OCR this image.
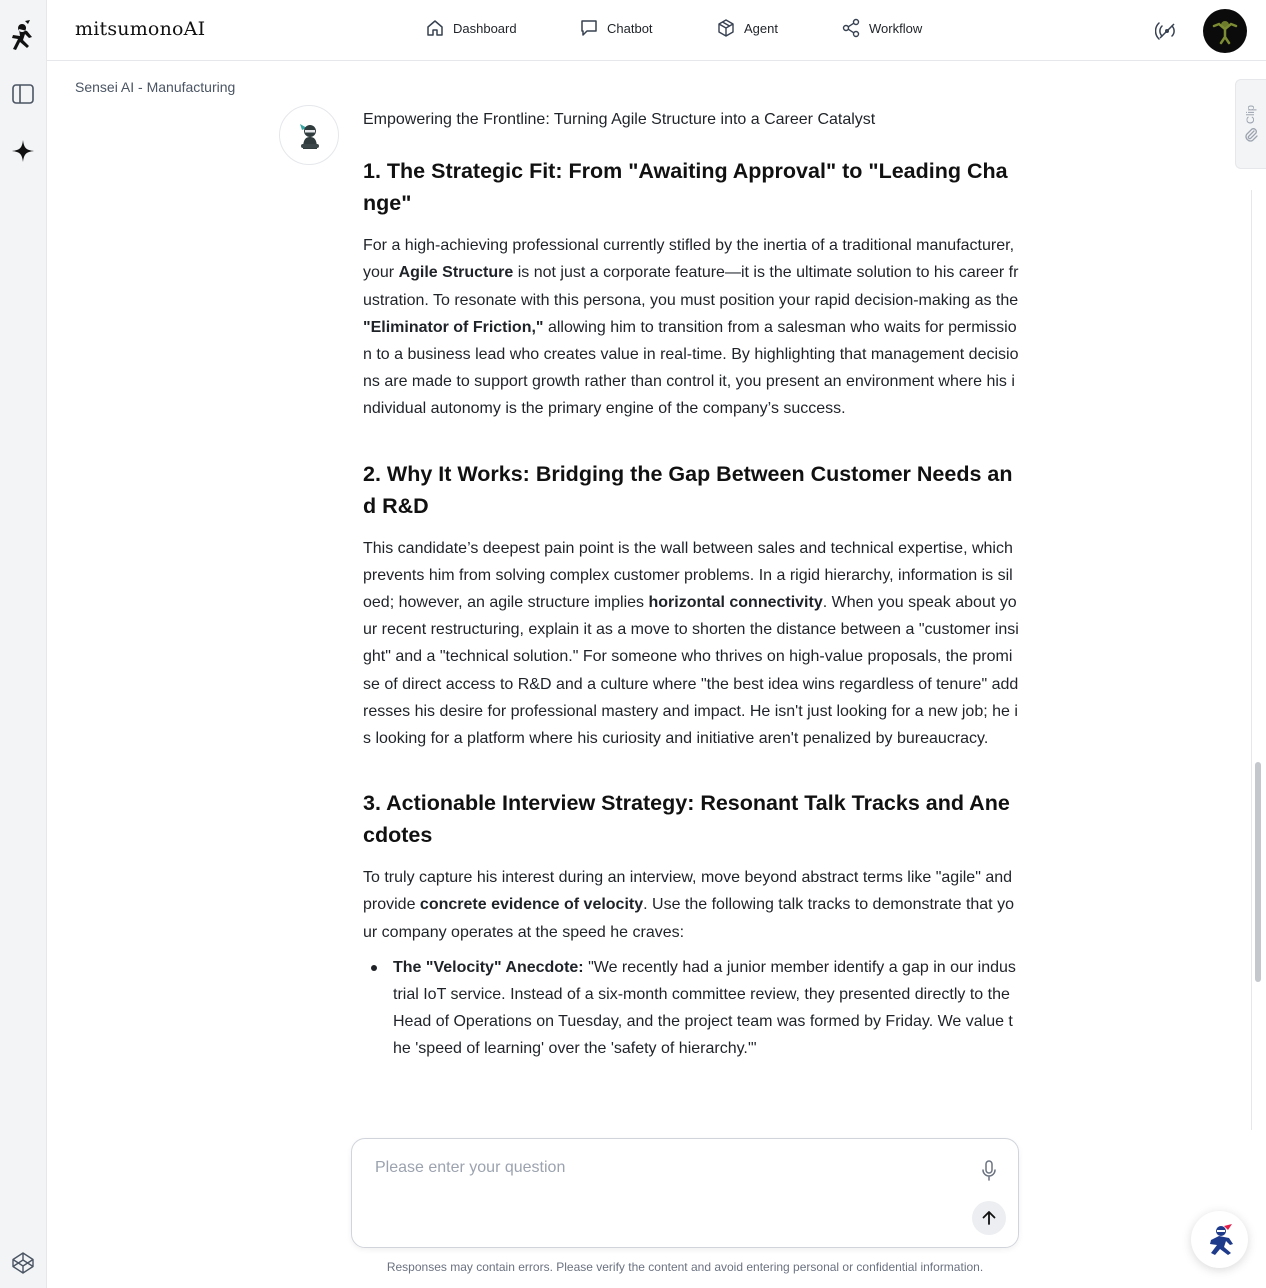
mitsumonoAI	Dashboard	Chatbot	Agent	Workflow
Sensei AI - Manufacturing
Empowering the Frontline: Turning Agile Structure into a Career Catalyst
1. The Strategic Fit: From "Awaiting Approval" to "Leading Change"

For a high-achieving professional currently stifled by the inertia of a traditional manufacturer, your Agile Structure is not just a corporate feature—it is the ultimate solution to his career frustration. To resonate with this persona, you must position your rapid decision-making as the "Eliminator of Friction," allowing him to transition from a salesman who waits for permission to a business lead who creates value in real-time. By highlighting that management decisions are made to support growth rather than control it, you present an environment where his individual autonomy is the primary engine of the company’s success.

2. Why It Works: Bridging the Gap Between Customer Needs and R&D

This candidate’s deepest pain point is the wall between sales and technical expertise, which prevents him from solving complex customer problems. In a rigid hierarchy, information is siloed; however, an agile structure implies horizontal connectivity. When you speak about your recent restructuring, explain it as a move to shorten the distance between a "customer insight" and a "technical solution." For someone who thrives on high-value proposals, the promise of direct access to R&D and a culture where "the best idea wins regardless of tenure" addresses his desire for professional mastery and impact. He isn't just looking for a new job; he is looking for a platform where his curiosity and initiative aren't penalized by bureaucracy.

3. Actionable Interview Strategy: Resonant Talk Tracks and Anecdotes

To truly capture his interest during an interview, move beyond abstract terms like "agile" and provide concrete evidence of velocity. Use the following talk tracks to demonstrate that your company operates at the speed he craves:

The "Velocity" Anecdote: "We recently had a junior member identify a gap in our industrial IoT service. Instead of a six-month committee review, they presented directly to the Head of Operations on Tuesday, and the project team was formed by Friday. We value the 'speed of learning' over the 'safety of hierarchy.'"
Clip
Please enter your question
Responses may contain errors. Please verify the content and avoid entering personal or confidential information.
